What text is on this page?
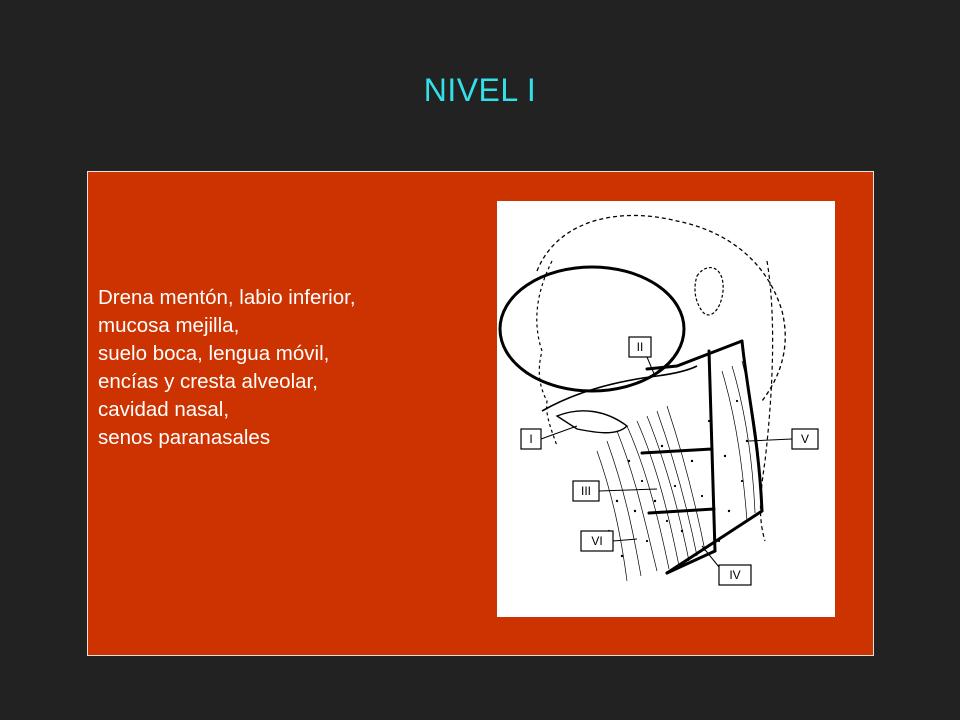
NIVEL I
Drena mentón, labio inferior,
mucosa mejilla,
suelo boca, lengua móvil,
encías y cresta alveolar,
cavidad nasal,
senos paranasales
II
I	V
III
VI
IV
